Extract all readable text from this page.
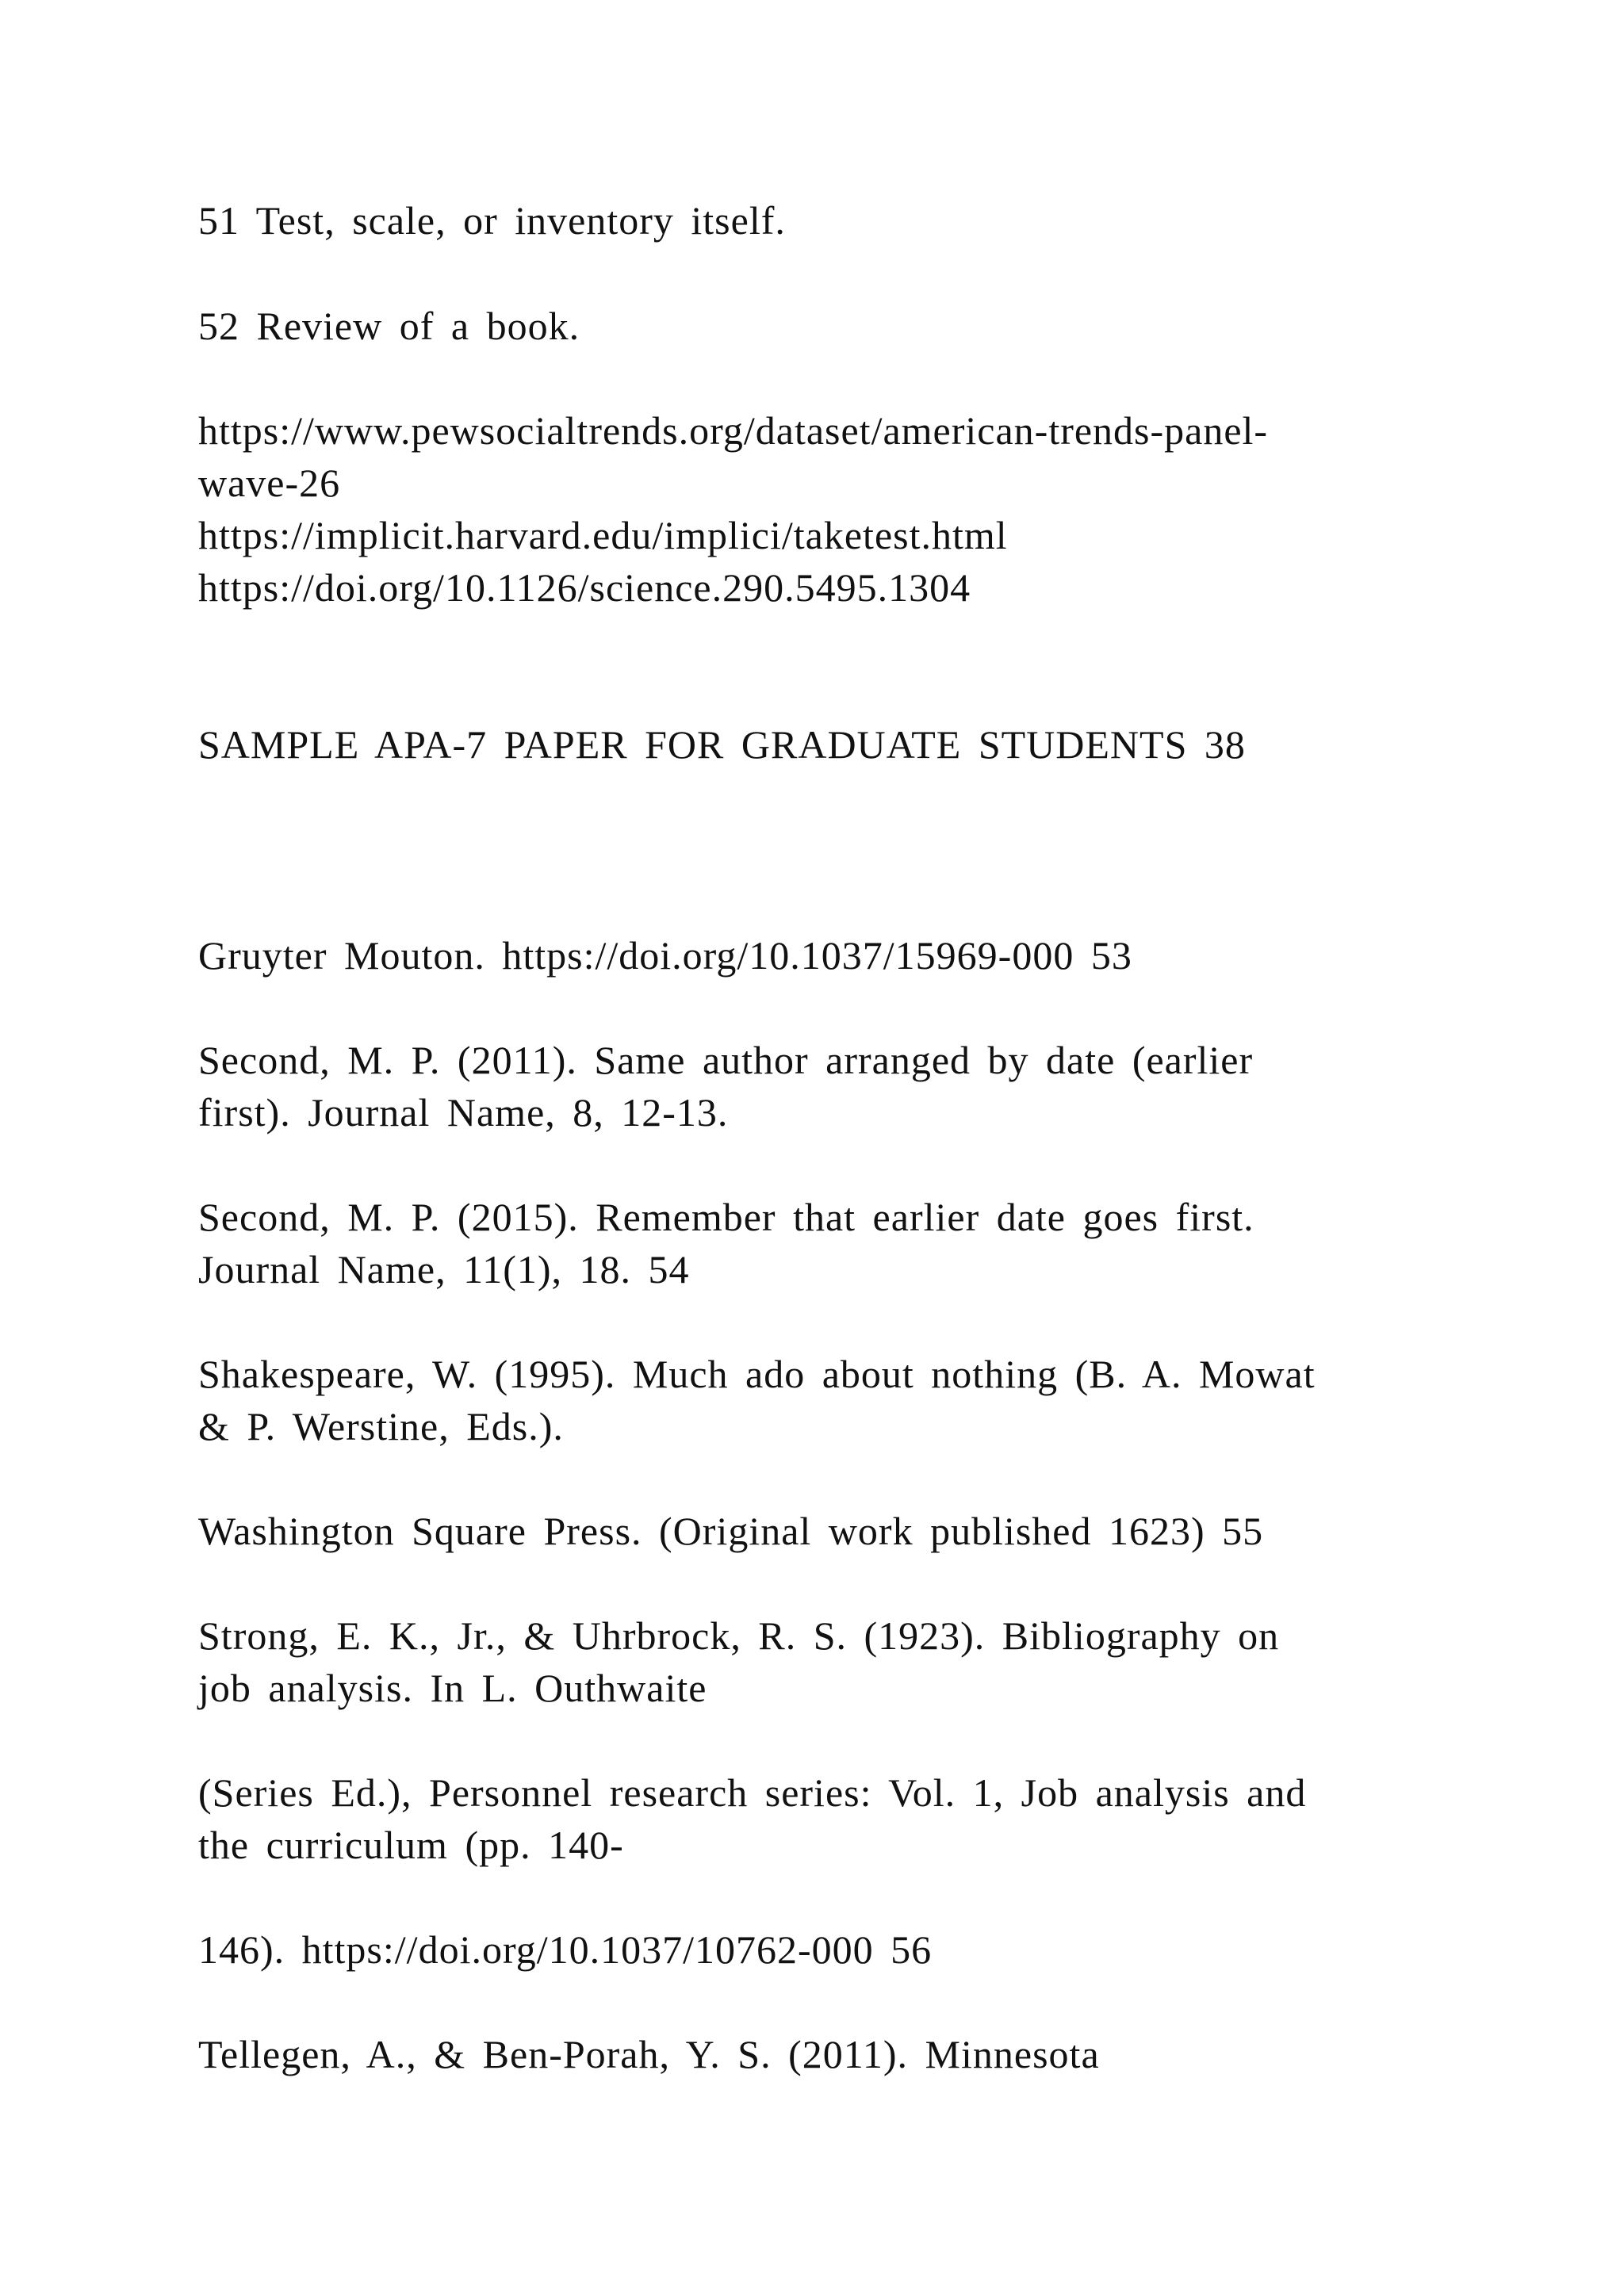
51 Test, scale, or inventory itself.
52 Review of a book.
https://www.pewsocialtrends.org/dataset/american-trends-panel-
wave-26
https://implicit.harvard.edu/implici/taketest.html
https://doi.org/10.1126/science.290.5495.1304
SAMPLE APA-7 PAPER FOR GRADUATE STUDENTS 38
Gruyter Mouton. https://doi.org/10.1037/15969-000 53
Second, M. P. (2011). Same author arranged by date (earlier
first). Journal Name, 8, 12-13.
Second, M. P. (2015). Remember that earlier date goes first.
Journal Name, 11(1), 18. 54
Shakespeare, W. (1995). Much ado about nothing (B. A. Mowat
& P. Werstine, Eds.).
Washington Square Press. (Original work published 1623) 55
Strong, E. K., Jr., & Uhrbrock, R. S. (1923). Bibliography on
job analysis. In L. Outhwaite
(Series Ed.), Personnel research series: Vol. 1, Job analysis and
the curriculum (pp. 140-
146). https://doi.org/10.1037/10762-000 56
Tellegen, A., & Ben-Porah, Y. S. (2011). Minnesota
